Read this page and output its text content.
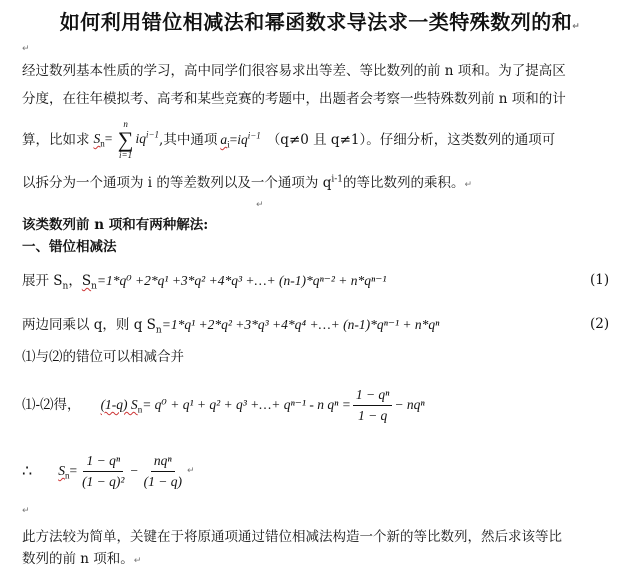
如何利用错位相减法和幂函数求导法求一类特殊数列的和↵
↵
经过数列基本性质的学习，高中同学们很容易求出等差、等比数列的前 n 项和。为了提高区
分度，在往年模拟考、高考和某些竞赛的考题中，出题者会考察一些特殊数列前 n 项和的计
算，比如求 $S_n=$
n
∑
i=1
$iq^{i-1}$ ,其中通项 $a_i=iq^{i-1}$ （q≠0 且 q≠1）。仔细分析，这类数列的通项可
以拆分为一个通项为 i 的等差数列以及一个通项为 $q^{i-1}$的等比数列的乘积。↵
↵
该类数列前 n 项和有两种解法:
一、错位相减法
展开 $S_n$，$S_n=1*q^0 +2*q^1 +3*q^2 +4*q^3$ +…+ (n-1)*qⁿ⁻² + n*qⁿ⁻¹	(1)
两边同乘以 q，则 q $S_n=1*q^1 +2*q^2 +3*q^3 +4*q^4$ +…+ (n-1)*qⁿ⁻¹ + n*qⁿ	(2)
⑴与⑵的错位可以相减合并
⑴-⑵得， (1-q) $S_n = q^0 + q^1 + q^2 + q^3$ +…+ qⁿ⁻¹ - n $q^n = \frac{\text{1 − qⁿ}}{1 - q} - nq^n$
∴ $S_n= \frac{\text{1 − qⁿ}}{\text{(1 − q)²}} - \frac{\text{nqⁿ}}{(1 - q)}$ ↵
↵
此方法较为简单，关键在于将原通项通过错位相减法构造一个新的等比数列，然后求该等比
数列的前 n 项和。↵
